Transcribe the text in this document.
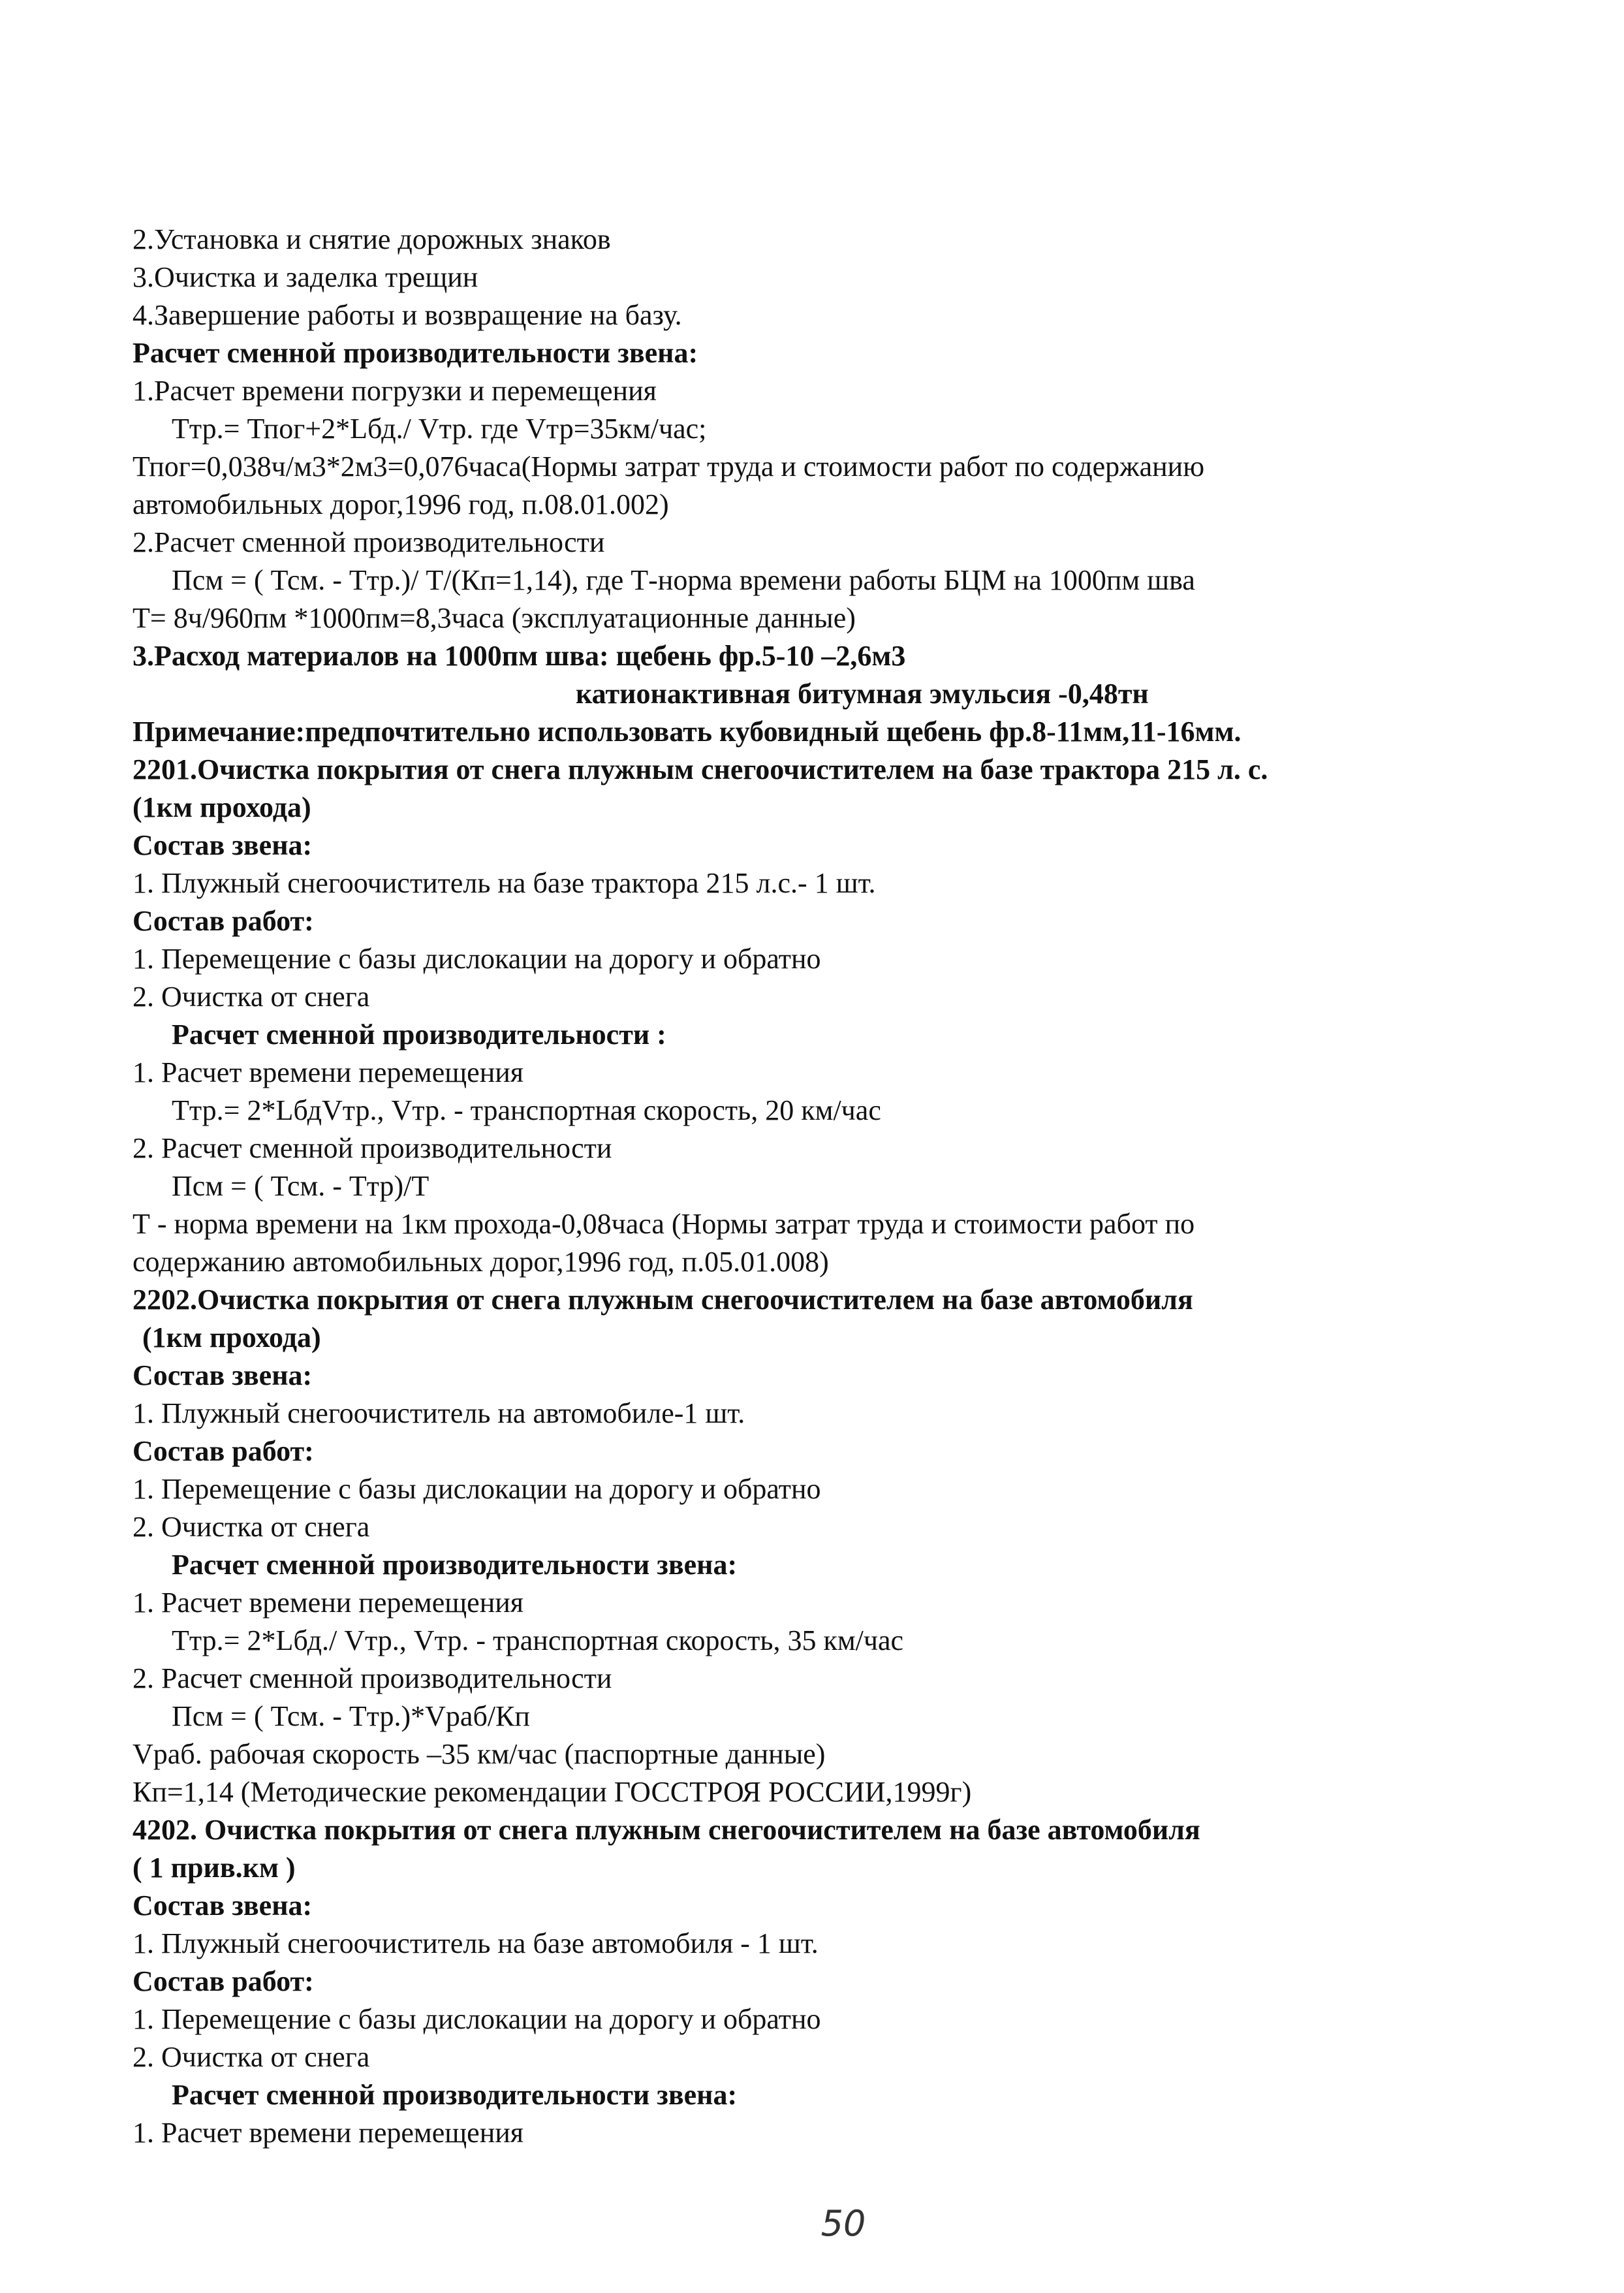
2.Установка и снятие дорожных знаков
3.Очистка и заделка трещин
4.Завершение работы и возвращение на базу.
Расчет сменной производительности звена:
1.Расчет времени погрузки и перемещения
Ттр.= Тпог+2*Lбд./ Vтр. где Vтр=35км/час;
Тпог=0,038ч/м3*2м3=0,076часа(Нормы затрат труда и стоимости работ по содержанию
автомобильных дорог,1996 год, п.08.01.002)
2.Расчет сменной производительности
Псм = ( Тсм. - Ттр.)/ Т/(Кп=1,14), где Т-норма времени работы БЦМ на 1000пм шва
Т= 8ч/960пм *1000пм=8,3часа (эксплуатационные данные)
3.Расход материалов на 1000пм шва: щебень фр.5-10 –2,6м3
катионактивная битумная эмульсия -0,48тн
Примечание:предпочтительно использовать кубовидный щебень фр.8-11мм,11-16мм.
2201.Очистка покрытия от снега плужным снегоочистителем на базе трактора 215 л. с.
(1км прохода)
Состав звена:
1. Плужный снегоочиститель на базе трактора 215 л.с.- 1 шт.
Состав работ:
1. Перемещение с базы дислокации на дорогу и обратно
2. Очистка от снега
Расчет сменной производительности :
1. Расчет времени перемещения
Ттр.= 2*LбдVтр., Vтр. - транспортная скорость, 20 км/час
2. Расчет сменной производительности
Псм = ( Тсм. - Ттр)/Т
Т - норма времени на 1км прохода-0,08часа (Нормы затрат труда и стоимости работ по
содержанию автомобильных дорог,1996 год, п.05.01.008)
2202.Очистка покрытия от снега плужным снегоочистителем на базе автомобиля
(1км прохода)
Состав звена:
1. Плужный снегоочиститель на автомобиле-1 шт.
Состав работ:
1. Перемещение с базы дислокации на дорогу и обратно
2. Очистка от снега
Расчет сменной производительности звена:
1. Расчет времени перемещения
Ттр.= 2*Lбд./ Vтр., Vтр. - транспортная скорость, 35 км/час
2. Расчет сменной производительности
Псм = ( Тсм. - Ттр.)*Vраб/Кп
Vраб. рабочая скорость –35 км/час (паспортные данные)
Кп=1,14 (Методические рекомендации ГОССТРОЯ РОССИИ,1999г)
4202. Очистка покрытия от снега плужным снегоочистителем на базе автомобиля
( 1 прив.км )
Состав звена:
1. Плужный снегоочиститель на базе автомобиля - 1 шт.
Состав работ:
1. Перемещение с базы дислокации на дорогу и обратно
2. Очистка от снега
Расчет сменной производительности звена:
1. Расчет времени перемещения
50
